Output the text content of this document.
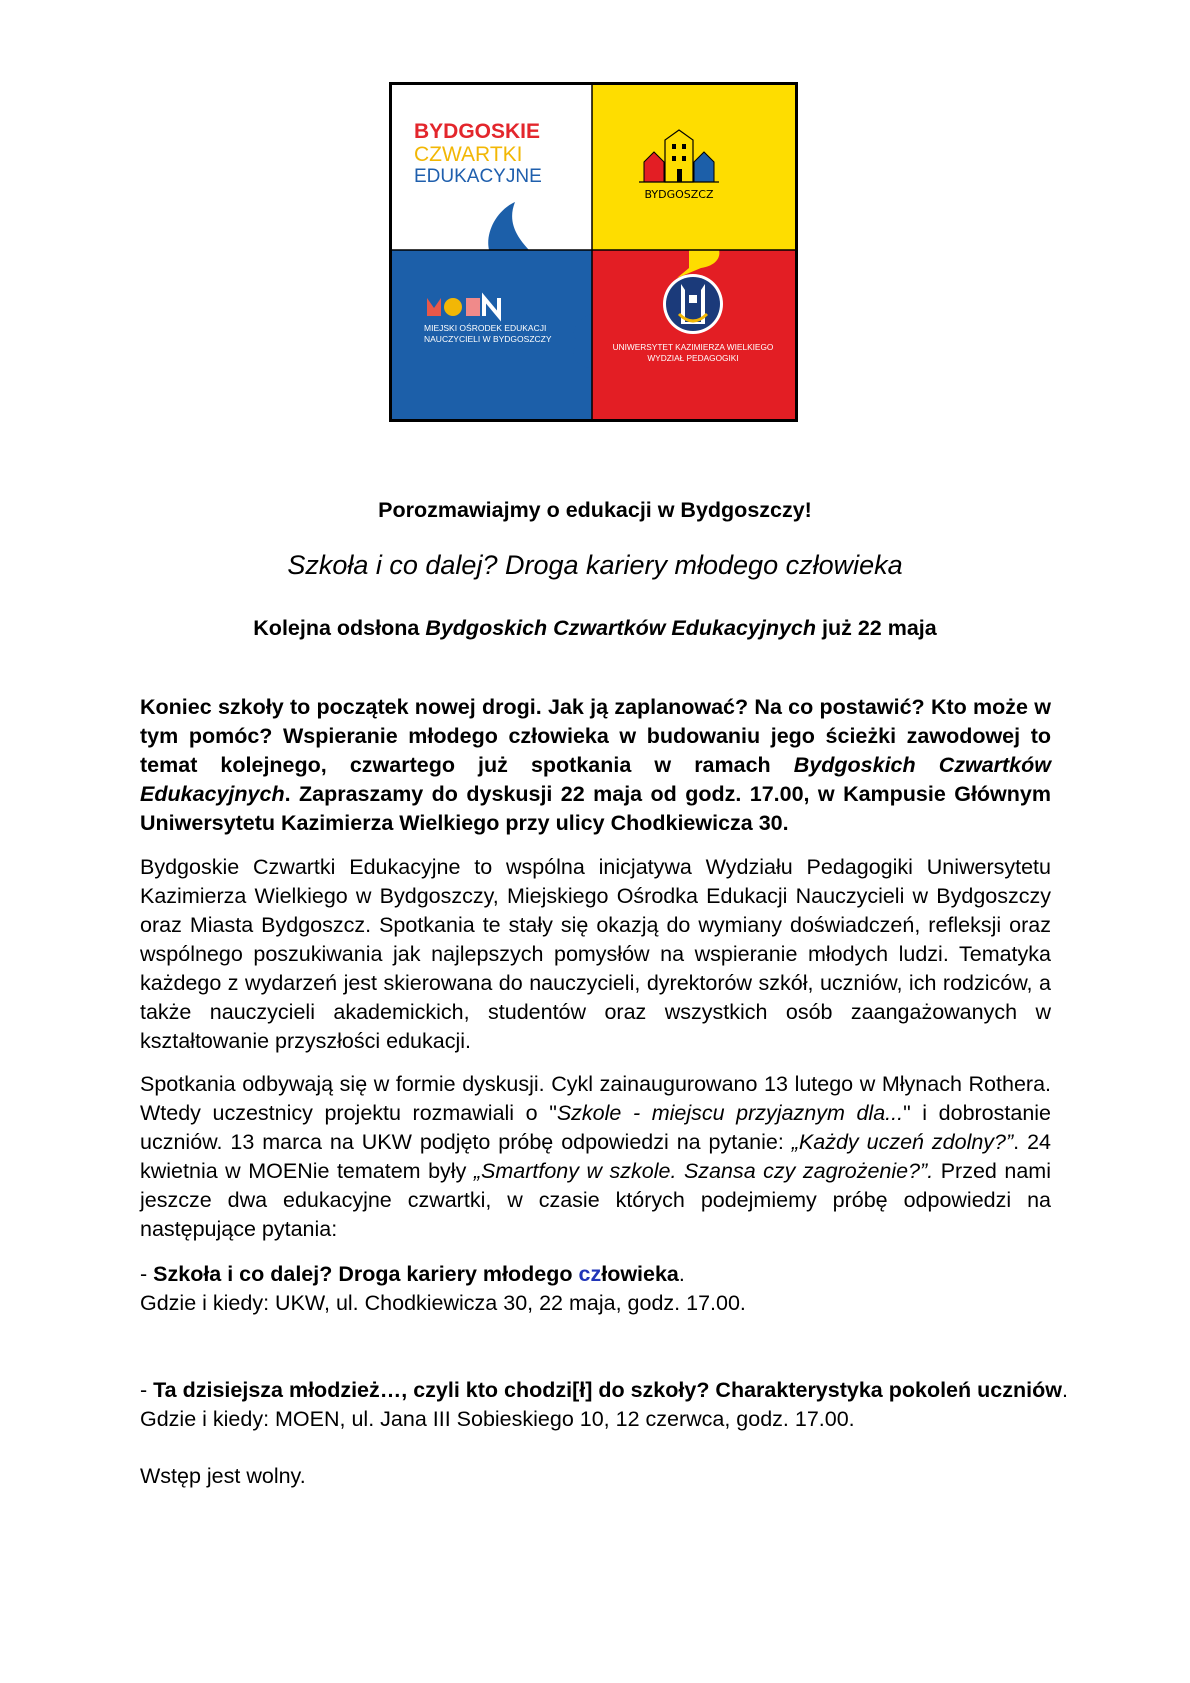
BYDGOSKIE
CZWARTKI
EDUKACYJNE
BYDGOSZCZ
MIEJSKI OŚRODEK EDUKACJI
NAUCZYCIELI W BYDGOSZCZY
UNIWERSYTET KAZIMIERZA WIELKIEGO
WYDZIAŁ PEDAGOGIKI
Porozmawiajmy o edukacji w Bydgoszczy!
Szkoła i co dalej? Droga kariery młodego człowieka
Kolejna odsłona Bydgoskich Czwartków Edukacyjnych już 22 maja

Koniec szkoły to początek nowej drogi. Jak ją zaplanować? Na co postawić? Kto może w tym pomóc? Wspieranie młodego człowieka w budowaniu jego ścieżki zawodowej to temat kolejnego, czwartego już spotkania w ramach Bydgoskich Czwartków Edukacyjnych. Zapraszamy do dyskusji 22 maja od godz. 17.00, w Kampusie Głównym Uniwersytetu Kazimierza Wielkiego przy ulicy Chodkiewicza 30.

Bydgoskie Czwartki Edukacyjne to wspólna inicjatywa Wydziału Pedagogiki Uniwersytetu Kazimierza Wielkiego w Bydgoszczy, Miejskiego Ośrodka Edukacji Nauczycieli w Bydgoszczy oraz Miasta Bydgoszcz. Spotkania te stały się okazją do wymiany doświadczeń, refleksji oraz wspólnego poszukiwania jak najlepszych pomysłów na wspieranie młodych ludzi. Tematyka każdego z wydarzeń jest skierowana do nauczycieli, dyrektorów szkół, uczniów, ich rodziców, a także nauczycieli akademickich, studentów oraz wszystkich osób zaangażowanych w kształtowanie przyszłości edukacji.

Spotkania odbywają się w formie dyskusji. Cykl zainaugurowano 13 lutego w Młynach Rothera. Wtedy uczestnicy projektu rozmawiali o "Szkole - miejscu przyjaznym dla..." i dobrostanie uczniów. 13 marca na UKW podjęto próbę odpowiedzi na pytanie: „Każdy uczeń zdolny?”. 24 kwietnia w MOENie tematem były „Smartfony w szkole. Szansa czy zagrożenie?”. Przed nami jeszcze dwa edukacyjne czwartki, w czasie których podejmiemy próbę odpowiedzi na następujące pytania:

- Szkoła i co dalej? Droga kariery młodego człowieka.

Gdzie i kiedy: UKW, ul. Chodkiewicza 30, 22 maja, godz. 17.00.

- Ta dzisiejsza młodzież…, czyli kto chodzi[ł] do szkoły? Charakterystyka pokoleń uczniów.

Gdzie i kiedy: MOEN, ul. Jana III Sobieskiego 10, 12 czerwca, godz. 17.00.

Wstęp jest wolny.
